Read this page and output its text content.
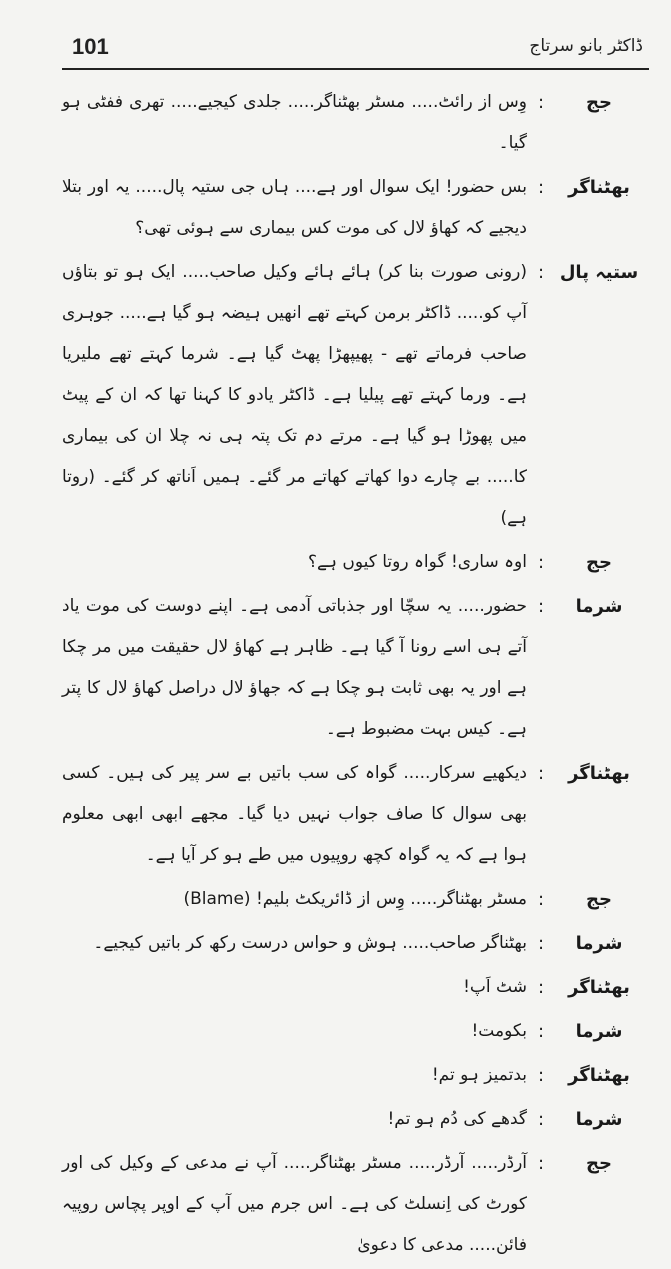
101	ڈاکٹر بانو سرتاج
جج
:
وِس از رائٹ..... مسٹر بھٹناگر..... جلدی کیجیے..... تھری ففٹی ہو گیا۔
بھٹناگر
:
بس حضور! ایک سوال اور ہے.... ہاں جی ستیہ پال..... یہ اور بتلا دیجیے کہ کھاؤ لال کی موت کس بیماری سے ہوئی تھی؟
ستیہ پال
:
(رونی صورت بنا کر) ہائے ہائے وکیل صاحب..... ایک ہو تو بتاؤں آپ کو..... ڈاکٹر برمن کہتے تھے انھیں ہیضہ ہو گیا ہے..... جوہری صاحب فرماتے تھے - پھیپھڑا پھٹ گیا ہے۔ شرما کہتے تھے ملیریا ہے۔ ورما کہتے تھے پیلیا ہے۔ ڈاکٹر یادو کا کہنا تھا کہ ان کے پیٹ میں پھوڑا ہو گیا ہے۔ مرتے دم تک پتہ ہی نہ چلا ان کی بیماری کا..... بے چارے دوا کھاتے کھاتے مر گئے۔ ہمیں اَناتھ کر گئے۔ (روتا ہے)
جج
:
اوہ ساری! گواہ روتا کیوں ہے؟
شرما
:
حضور..... یہ سچّا اور جذباتی آدمی ہے۔ اپنے دوست کی موت یاد آتے ہی اسے رونا آ گیا ہے۔ ظاہر ہے کھاؤ لال حقیقت میں مر چکا ہے اور یہ بھی ثابت ہو چکا ہے کہ جھاؤ لال دراصل کھاؤ لال کا پتر ہے۔ کیس بہت مضبوط ہے۔
بھٹناگر
:
دیکھیے سرکار..... گواہ کی سب باتیں بے سر پیر کی ہیں۔ کسی بھی سوال کا صاف جواب نہیں دیا گیا۔ مجھے ابھی ابھی معلوم ہوا ہے کہ یہ گواہ کچھ روپیوں میں طے ہو کر آیا ہے۔
جج
:
مسٹر بھٹناگر..... وِس از ڈائریکٹ بلیم! (Blame)
شرما
:
بھٹناگر صاحب..... ہوش و حواس درست رکھ کر باتیں کیجیے۔
بھٹناگر
:
شٹ اَپ!
شرما
:
بکومت!
بھٹناگر
:
بدتمیز ہو تم!
شرما
:
گدھے کی دُم ہو تم!
جج
:
آرڈر..... آرڈر..... مسٹر بھٹناگر..... آپ نے مدعی کے وکیل کی اور کورٹ کی اِنسلٹ کی ہے۔ اس جرم میں آپ کے اوپر پچاس روپیہ فائن..... مدعی کا دعویٰ
